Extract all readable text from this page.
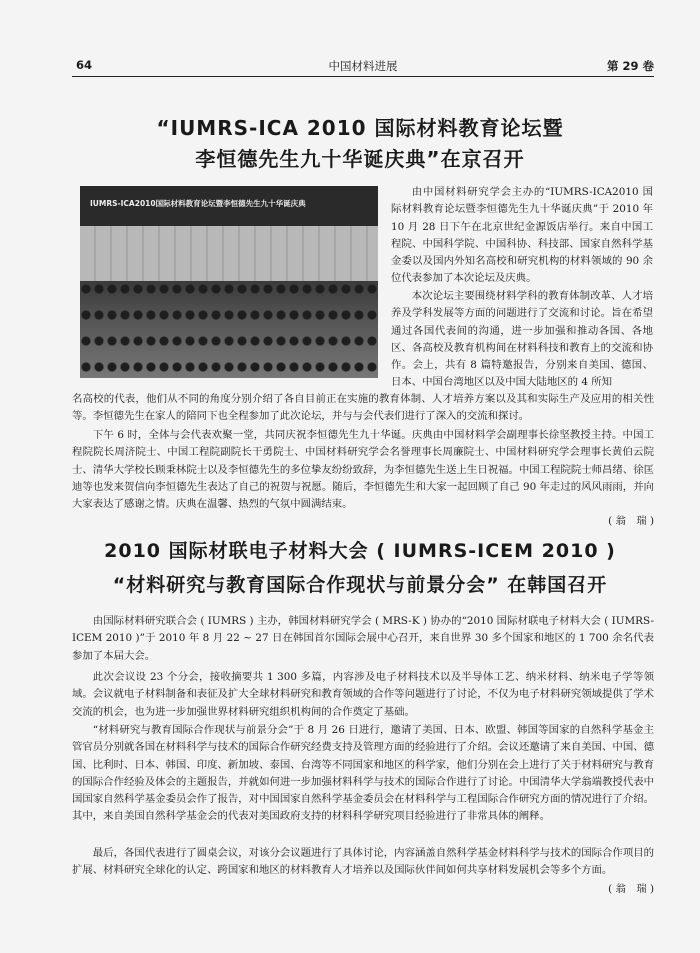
64	中国材料进展	第 29 卷
“IUMRS-ICA 2010 国际材料教育论坛暨
李恒德先生九十华诞庆典”在京召开
IUMRS-ICA2010国际材料教育论坛暨李恒德先生九十华诞庆典

由中国材料研究学会主办的“IUMRS-ICA2010 国际材料教育论坛暨李恒德先生九十华诞庆典”于 2010 年 10 月 28 日下午在北京世纪金源饭店举行。来自中国工程院、中国科学院、中国科协、科技部、国家自然科学基金委以及国内外知名高校和研究机构的材料领域的 90 余位代表参加了本次论坛及庆典。

本次论坛主要围绕材料学科的教育体制改革、人才培养及学科发展等方面的问题进行了交流和讨论。旨在希望通过各国代表间的沟通，进一步加强和推动各国、各地区、各高校及教育机构间在材料科技和教育上的交流和协作。会上，共有 8 篇特邀报告，分别来自美国、德国、日本、中国台湾地区以及中国大陆地区的 4 所知

名高校的代表，他们从不同的角度分别介绍了各自目前正在实施的教育体制、人才培养方案以及其和实际生产及应用的相关性等。李恒德先生在家人的陪同下也全程参加了此次论坛，并与与会代表们进行了深入的交流和探讨。

下午 6 时，全体与会代表欢聚一堂，共同庆祝李恒德先生九十华诞。庆典由中国材料学会副理事长徐坚教授主持。中国工程院院长周济院士、中国工程院副院长干勇院士、中国材料研究学会名誉理事长周廉院士、中国材料研究学会理事长黄伯云院士、清华大学校长顾秉林院士以及李恒德先生的多位挚友纷纷致辞，为李恒德先生送上生日祝福。中国工程院院士师昌绪、徐匡迪等也发来贺信向李恒德先生表达了自己的祝贺与祝愿。随后，李恒德先生和大家一起回顾了自己 90 年走过的风风雨雨，并向大家表达了感谢之情。庆典在温馨、热烈的气氛中圆满结束。

( 翁　瑞 )
2010 国际材联电子材料大会 ( IUMRS-ICEM 2010 )
“材料研究与教育国际合作现状与前景分会” 在韩国召开

由国际材料研究联合会 ( IUMRS ) 主办，韩国材料研究学会 ( MRS-K ) 协办的“2010 国际材联电子材料大会 ( IUMRS-ICEM 2010 )”于 2010 年 8 月 22 ~ 27 日在韩国首尔国际会展中心召开，来自世界 30 多个国家和地区的 1 700 余名代表参加了本届大会。

此次会议设 23 个分会，接收摘要共 1 300 多篇，内容涉及电子材料技术以及半导体工艺、纳米材料、纳米电子学等领域。会议就电子材料制备和表征及扩大全球材料研究和教育领域的合作等问题进行了讨论，不仅为电子材料研究领域提供了学术交流的机会，也为进一步加强世界材料研究组织机构间的合作奠定了基础。

“材料研究与教育国际合作现状与前景分会”于 8 月 26 日进行，邀请了美国、日本、欧盟、韩国等国家的自然科学基金主管官员分别就各国在材料科学与技术的国际合作研究经费支持及管理方面的经验进行了介绍。会议还邀请了来自美国、中国、德国、比利时、日本、韩国、印度、新加坡、泰国、台湾等不同国家和地区的科学家，他们分别在会上进行了关于材料研究与教育的国际合作经验及体会的主题报告，并就如何进一步加强材料科学与技术的国际合作进行了讨论。中国清华大学翁端教授代表中国国家自然科学基金委员会作了报告，对中国国家自然科学基金委员会在材料科学与工程国际合作研究方面的情况进行了介绍。其中，来自美国自然科学基金会的代表对美国政府支持的材料科学研究项目经验进行了非常具体的阐释。

最后，各国代表进行了圆桌会议，对该分会议题进行了具体讨论，内容涵盖自然科学基金材料科学与技术的国际合作项目的扩展、材料研究全球化的认定、跨国家和地区的材料教育人才培养以及国际伙伴间如何共享材料发展机会等多个方面。

( 翁　瑞 )
